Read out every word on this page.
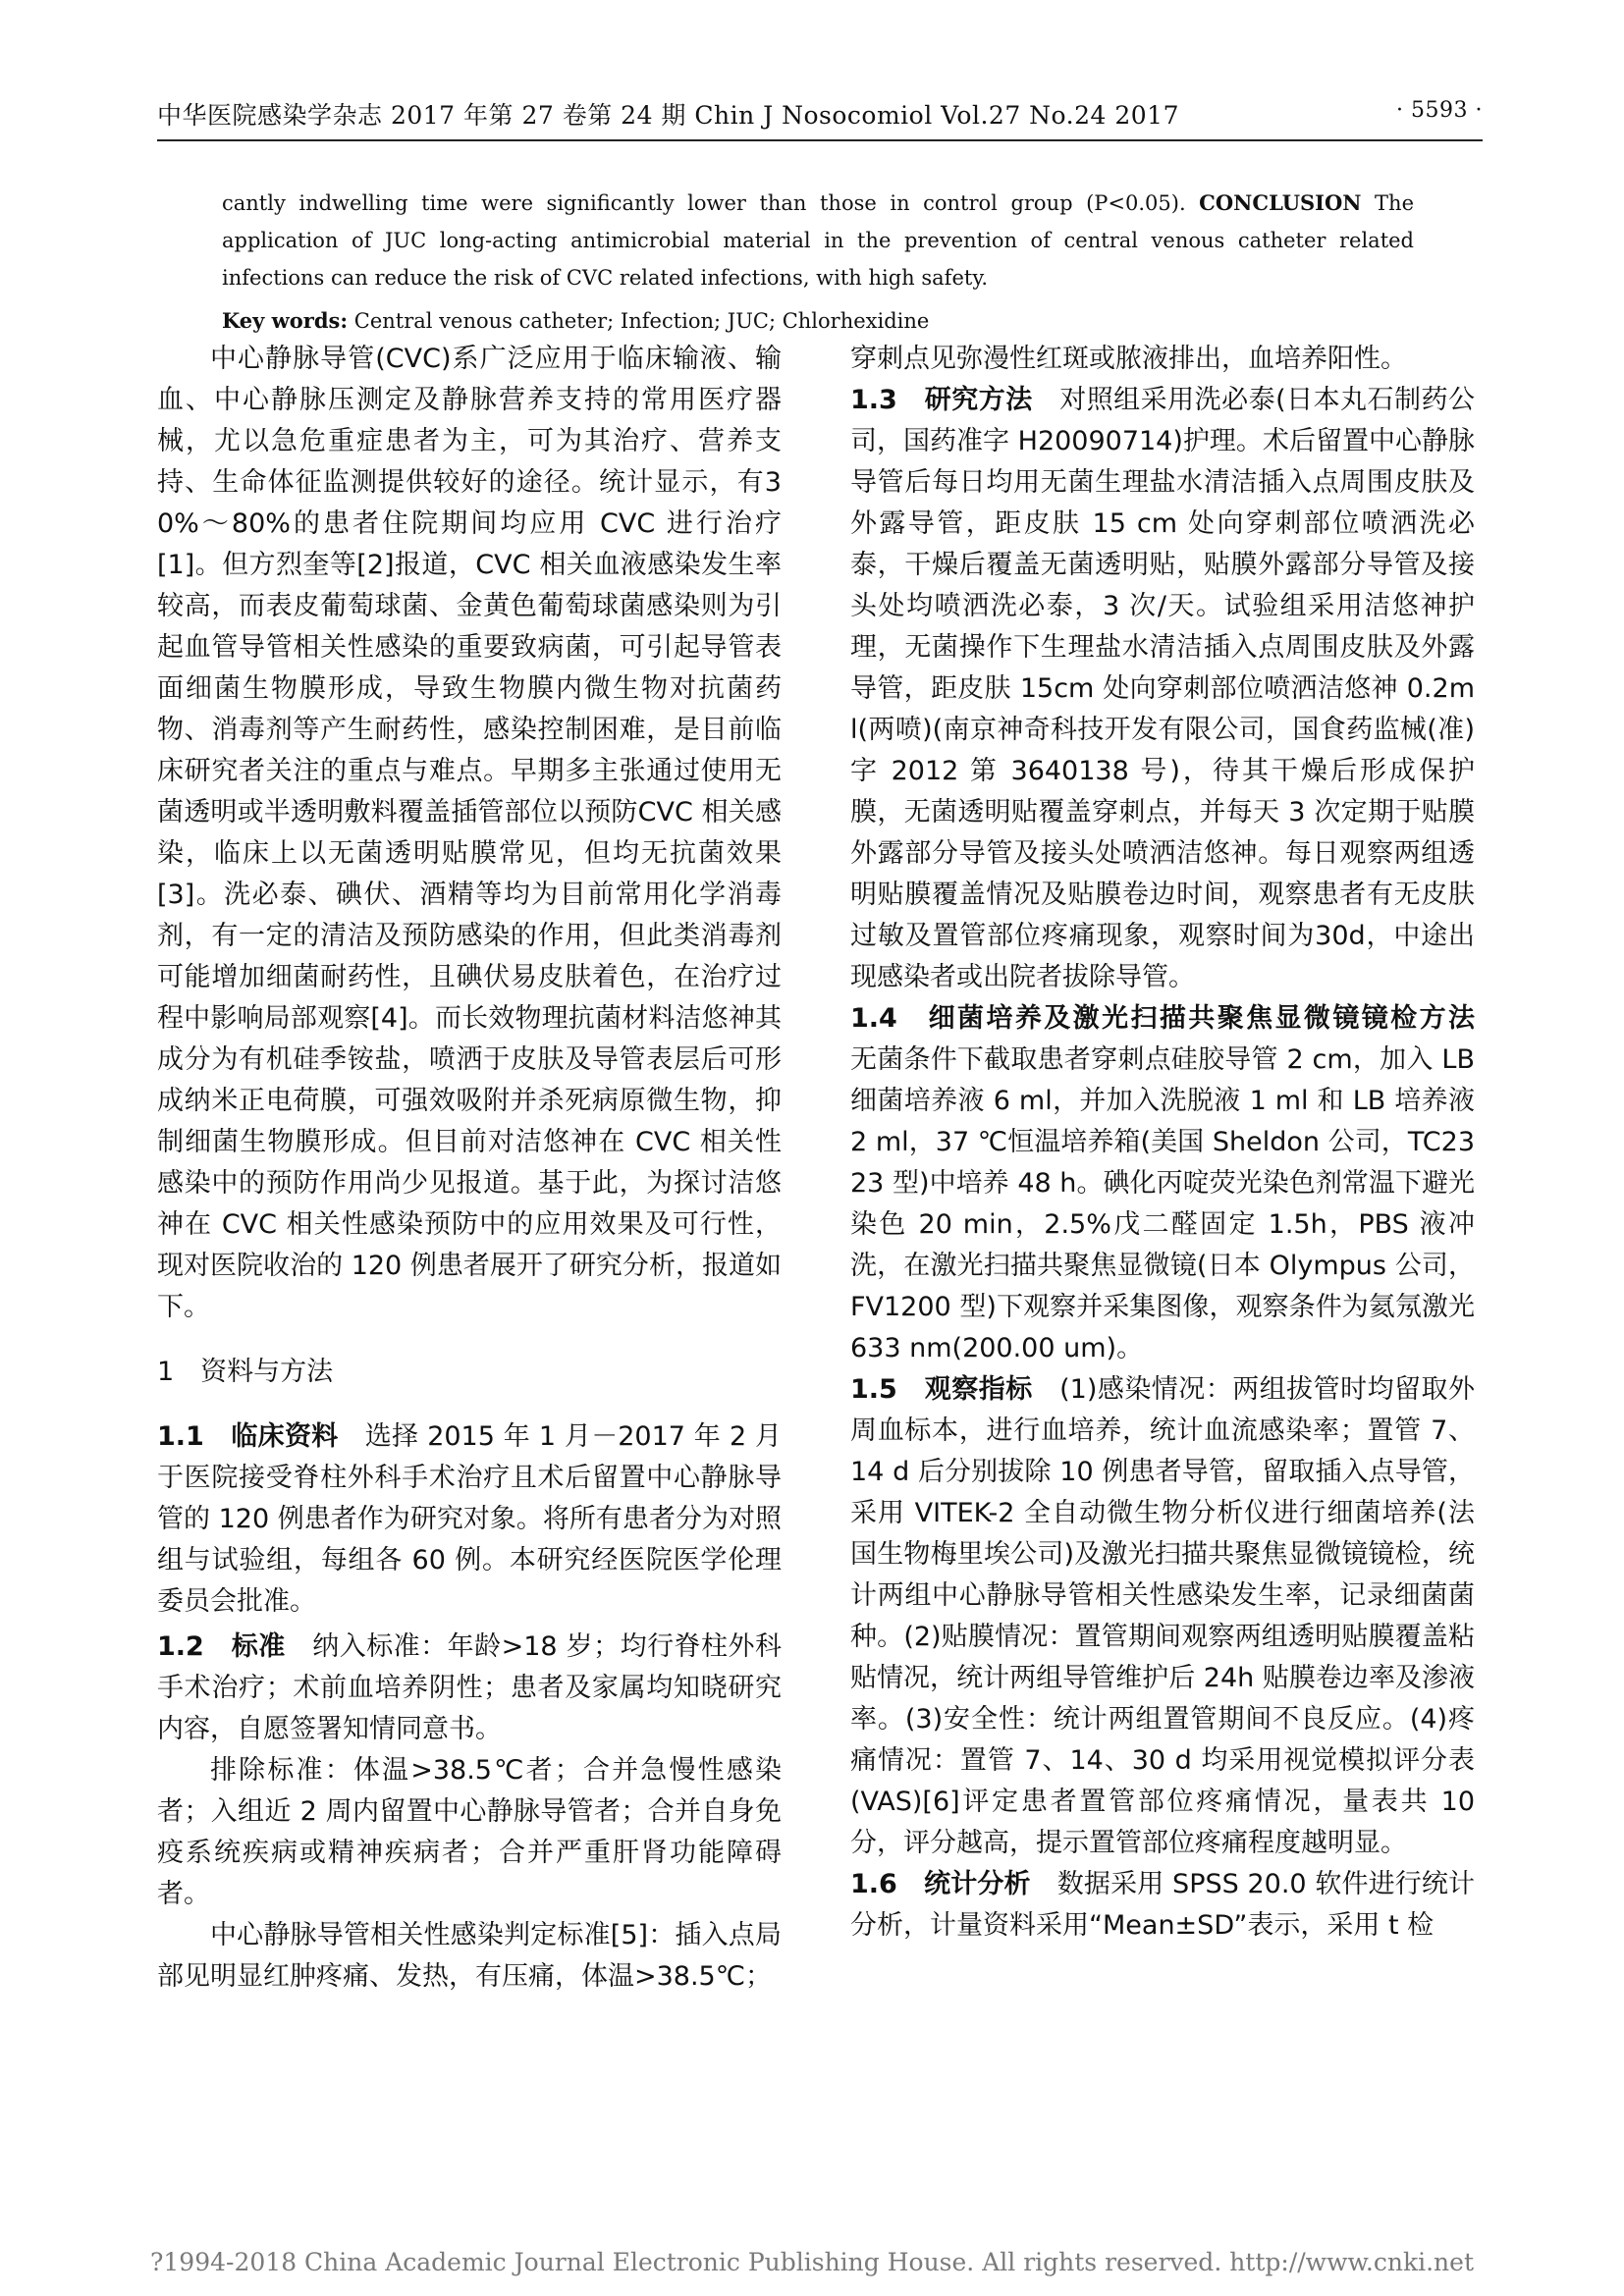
中华医院感染学杂志 2017 年第 27 卷第 24 期 Chin J Nosocomiol Vol.27 No.24 2017	· 5593 ·

cantly indwelling time were significantly lower than those in control group (P<0.05). CONCLUSION The application of JUC long-acting antimicrobial material in the prevention of central venous catheter related infections can reduce the risk of CVC related infections, with high safety.

Key words: Central venous catheter; Infection; JUC; Chlorhexidine

中心静脉导管(CVC)系广泛应用于临床输液、输血、中心静脉压测定及静脉营养支持的常用医疗器械，尤以急危重症患者为主，可为其治疗、营养支持、生命体征监测提供较好的途径。统计显示，有30%～80%的患者住院期间均应用 CVC 进行治疗[1]。但方烈奎等[2]报道，CVC 相关血液感染发生率较高，而表皮葡萄球菌、金黄色葡萄球菌感染则为引起血管导管相关性感染的重要致病菌，可引起导管表面细菌生物膜形成，导致生物膜内微生物对抗菌药物、消毒剂等产生耐药性，感染控制困难，是目前临床研究者关注的重点与难点。早期多主张通过使用无菌透明或半透明敷料覆盖插管部位以预防CVC 相关感染，临床上以无菌透明贴膜常见，但均无抗菌效果[3]。洗必泰、碘伏、酒精等均为目前常用化学消毒剂，有一定的清洁及预防感染的作用，但此类消毒剂可能增加细菌耐药性，且碘伏易皮肤着色，在治疗过程中影响局部观察[4]。而长效物理抗菌材料洁悠神其成分为有机硅季铵盐，喷洒于皮肤及导管表层后可形成纳米正电荷膜，可强效吸附并杀死病原微生物，抑制细菌生物膜形成。但目前对洁悠神在 CVC 相关性感染中的预防作用尚少见报道。基于此，为探讨洁悠神在 CVC 相关性感染预防中的应用效果及可行性，现对医院收治的 120 例患者展开了研究分析，报道如下。

1　资料与方法

1.1　临床资料　选择 2015 年 1 月－2017 年 2 月于医院接受脊柱外科手术治疗且术后留置中心静脉导管的 120 例患者作为研究对象。将所有患者分为对照组与试验组，每组各 60 例。本研究经医院医学伦理委员会批准。

1.2　标准　纳入标准：年龄>18 岁；均行脊柱外科手术治疗；术前血培养阴性；患者及家属均知晓研究内容，自愿签署知情同意书。

排除标准：体温>38.5℃者；合并急慢性感染者；入组近 2 周内留置中心静脉导管者；合并自身免疫系统疾病或精神疾病者；合并严重肝肾功能障碍者。

中心静脉导管相关性感染判定标准[5]：插入点局部见明显红肿疼痛、发热，有压痛，体温>38.5℃；

穿刺点见弥漫性红斑或脓液排出，血培养阳性。

1.3　研究方法　对照组采用洗必泰(日本丸石制药公司，国药准字 H20090714)护理。术后留置中心静脉导管后每日均用无菌生理盐水清洁插入点周围皮肤及外露导管，距皮肤 15 cm 处向穿刺部位喷洒洗必泰，干燥后覆盖无菌透明贴，贴膜外露部分导管及接头处均喷洒洗必泰，3 次/天。试验组采用洁悠神护理，无菌操作下生理盐水清洁插入点周围皮肤及外露导管，距皮肤 15cm 处向穿刺部位喷洒洁悠神 0.2ml(两喷)(南京神奇科技开发有限公司，国食药监械(准)字 2012 第 3640138 号)，待其干燥后形成保护膜，无菌透明贴覆盖穿刺点，并每天 3 次定期于贴膜外露部分导管及接头处喷洒洁悠神。每日观察两组透明贴膜覆盖情况及贴膜卷边时间，观察患者有无皮肤过敏及置管部位疼痛现象，观察时间为30d，中途出现感染者或出院者拔除导管。

1.4　细菌培养及激光扫描共聚焦显微镜镜检方法　无菌条件下截取患者穿刺点硅胶导管 2 cm，加入 LB 细菌培养液 6 ml，并加入洗脱液 1 ml 和 LB 培养液 2 ml，37 ℃恒温培养箱(美国 Sheldon 公司，TC2323 型)中培养 48 h。碘化丙啶荧光染色剂常温下避光染色 20 min，2.5%戊二醛固定 1.5h，PBS 液冲洗，在激光扫描共聚焦显微镜(日本 Olympus 公司，FV1200 型)下观察并采集图像，观察条件为氦氖激光 633 nm(200.00 um)。

1.5　观察指标　(1)感染情况：两组拔管时均留取外周血标本，进行血培养，统计血流感染率；置管 7、14 d 后分别拔除 10 例患者导管，留取插入点导管，采用 VITEK-2 全自动微生物分析仪进行细菌培养(法国生物梅里埃公司)及激光扫描共聚焦显微镜镜检，统计两组中心静脉导管相关性感染发生率，记录细菌菌种。(2)贴膜情况：置管期间观察两组透明贴膜覆盖粘贴情况，统计两组导管维护后 24h 贴膜卷边率及渗液率。(3)安全性：统计两组置管期间不良反应。(4)疼痛情况：置管 7、14、30 d 均采用视觉模拟评分表(VAS)[6]评定患者置管部位疼痛情况，量表共 10 分，评分越高，提示置管部位疼痛程度越明显。

1.6　统计分析　数据采用 SPSS 20.0 软件进行统计分析，计量资料采用“Mean±SD”表示，采用 t 检

?1994-2018 China Academic Journal Electronic Publishing House. All rights reserved. http://www.cnki.net
